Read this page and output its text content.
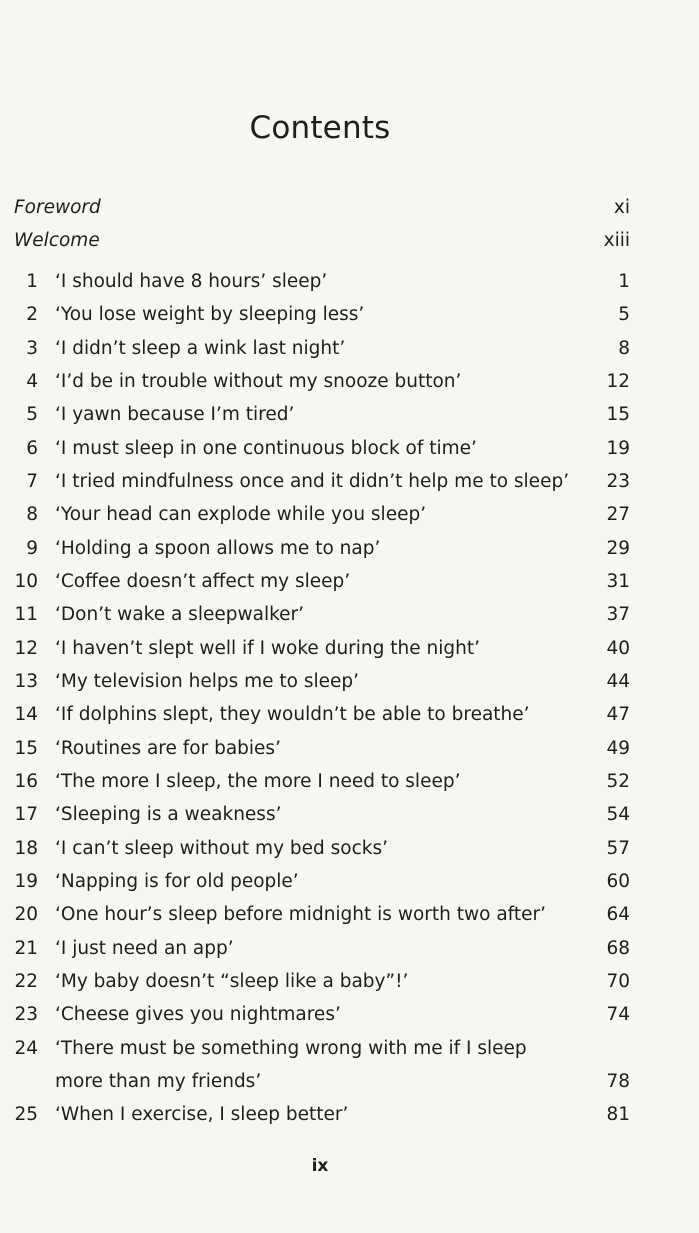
Contents
Foreword	xi
Welcome	xiii
1 ‘I should have 8 hours’ sleep’	1
2 ‘You lose weight by sleeping less’	5
3 ‘I didn’t sleep a wink last night’	8
4 ‘I’d be in trouble without my snooze button’	12
5 ‘I yawn because I’m tired’	15
6 ‘I must sleep in one continuous block of time’	19
7 ‘I tried mindfulness once and it didn’t help me to sleep’ 23
8 ‘Your head can explode while you sleep’	27
9 ‘Holding a spoon allows me to nap’	29
10 ‘Coffee doesn’t affect my sleep’	31
11 ‘Don’t wake a sleepwalker’	37
12 ‘I haven’t slept well if I woke during the night’	40
13 ‘My television helps me to sleep’	44
14 ‘If dolphins slept, they wouldn’t be able to breathe’	47
15 ‘Routines are for babies’	49
16 ‘The more I sleep, the more I need to sleep’	52
17 ‘Sleeping is a weakness’	54
18 ‘I can’t sleep without my bed socks’	57
19 ‘Napping is for old people’	60
20 ‘One hour’s sleep before midnight is worth two after’	64
21 ‘I just need an app’	68
22 ‘My baby doesn’t “sleep like a baby”!’	70
23 ‘Cheese gives you nightmares’	74
24 ‘There must be something wrong with me if I sleep
more than my friends’	78
25 ‘When I exercise, I sleep better’	81
ix
